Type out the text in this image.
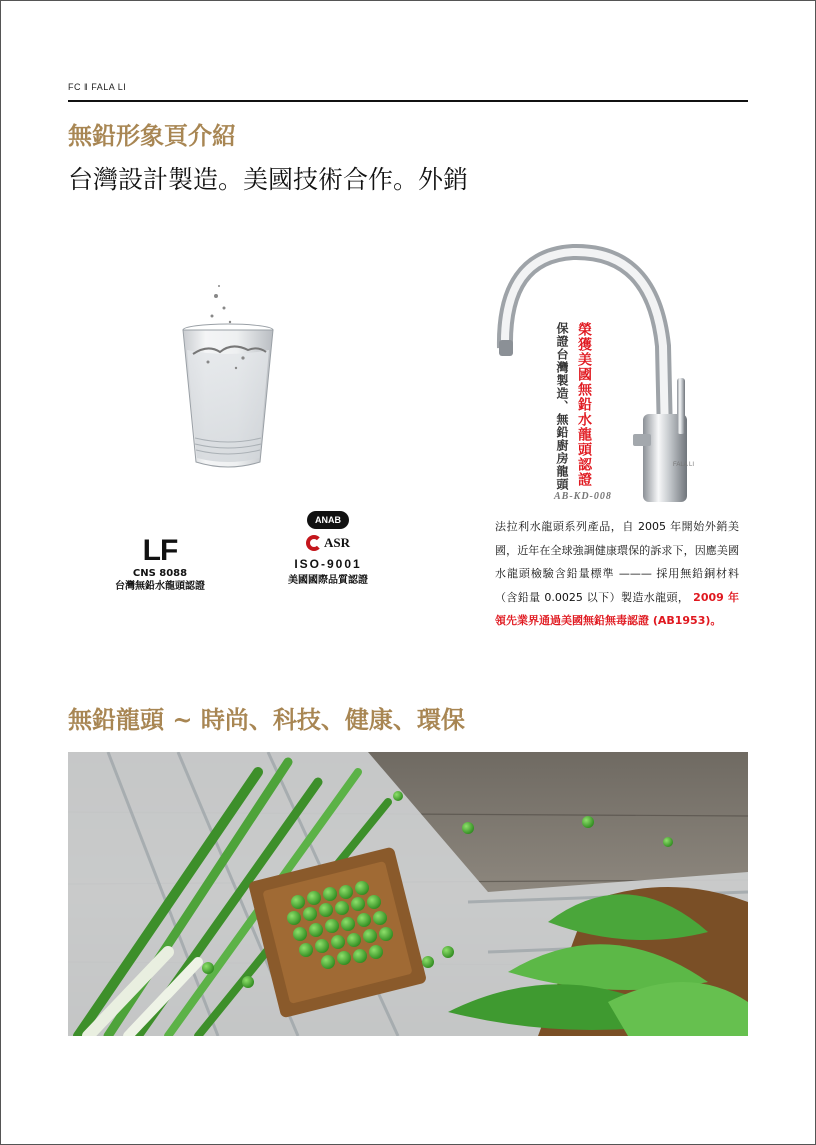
FC ‖ FALA LI
無鉛形象頁介紹
台灣設計製造。美國技術合作。外銷
LF
CNS 8088
台灣無鉛水龍頭認證
ANAB
ASR
ISO-9001
美國國際品質認證
FALA LI
榮獲美國無鉛水龍頭認證
保證台灣製造、無鉛廚房龍頭
AB-KD-008
法拉利水龍頭系列產品，自 2005 年開始外銷美國，近年在全球強調健康環保的訴求下，因應美國水龍頭檢驗含鉛量標準 ——— 採用無鉛銅材料（含鉛量 0.0025 以下）製造水龍頭， 2009 年領先業界通過美國無鉛無毒認證 (AB1953)。
無鉛龍頭 ~ 時尚、科技、健康、環保
